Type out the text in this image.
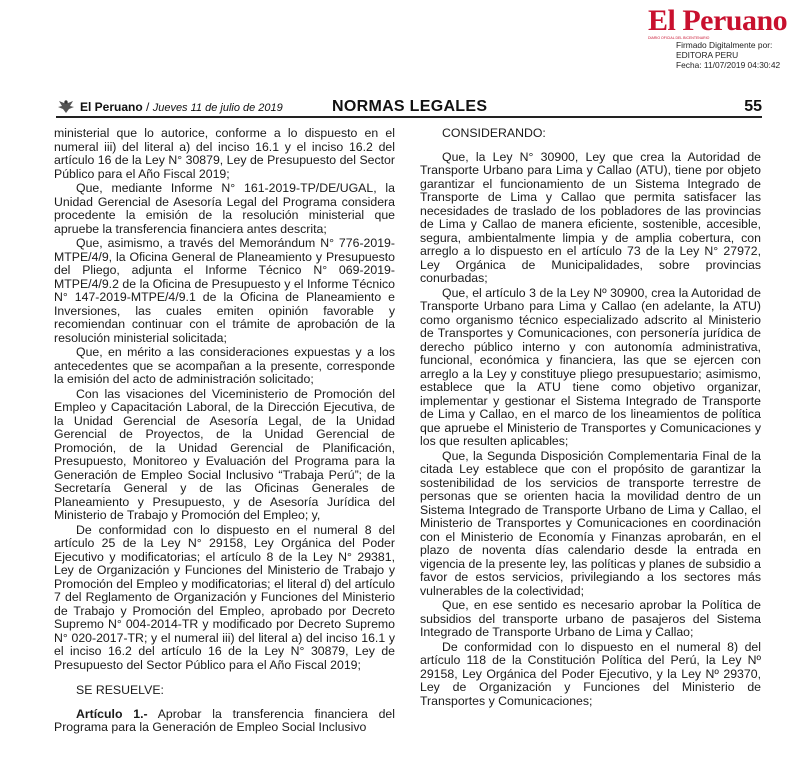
El Peruano
DIARIO OFICIAL DEL BICENTENARIO
Firmado Digitalmente por:
EDITORA PERU
Fecha: 11/07/2019 04:30:42
El Peruano / Jueves 11 de julio de 2019	NORMAS LEGALES	55

ministerial que lo autorice, conforme a lo dispuesto en el numeral iii) del literal a) del inciso 16.1 y el inciso 16.2 del artículo 16 de la Ley N° 30879, Ley de Presupuesto del Sector Público para el Año Fiscal 2019;

Que, mediante Informe N° 161-2019-TP/DE/UGAL, la Unidad Gerencial de Asesoría Legal del Programa considera procedente la emisión de la resolución ministerial que apruebe la transferencia financiera antes descrita;

Que, asimismo, a través del Memorándum N° 776-2019-MTPE/4/9, la Oficina General de Planeamiento y Presupuesto del Pliego, adjunta el Informe Técnico N° 069-2019-MTPE/4/9.2 de la Oficina de Presupuesto y el Informe Técnico N° 147-2019-MTPE/4/9.1 de la Oficina de Planeamiento e Inversiones, las cuales emiten opinión favorable y recomiendan continuar con el trámite de aprobación de la resolución ministerial solicitada;

Que, en mérito a las consideraciones expuestas y a los antecedentes que se acompañan a la presente, corresponde la emisión del acto de administración solicitado;

Con las visaciones del Viceministerio de Promoción del Empleo y Capacitación Laboral, de la Dirección Ejecutiva, de la Unidad Gerencial de Asesoría Legal, de la Unidad Gerencial de Proyectos, de la Unidad Gerencial de Promoción, de la Unidad Gerencial de Planificación, Presupuesto, Monitoreo y Evaluación del Programa para la Generación de Empleo Social Inclusivo “Trabaja Perú”; de la Secretaría General y de las Oficinas Generales de Planeamiento y Presupuesto, y de Asesoría Jurídica del Ministerio de Trabajo y Promoción del Empleo; y,

De conformidad con lo dispuesto en el numeral 8 del artículo 25 de la Ley N° 29158, Ley Orgánica del Poder Ejecutivo y modificatorias; el artículo 8 de la Ley N° 29381, Ley de Organización y Funciones del Ministerio de Trabajo y Promoción del Empleo y modificatorias; el literal d) del artículo 7 del Reglamento de Organización y Funciones del Ministerio de Trabajo y Promoción del Empleo, aprobado por Decreto Supremo N° 004-2014-TR y modificado por Decreto Supremo N° 020-2017-TR; y el numeral iii) del literal a) del inciso 16.1 y el inciso 16.2 del artículo 16 de la Ley N° 30879, Ley de Presupuesto del Sector Público para el Año Fiscal 2019;

SE RESUELVE:

Artículo 1.- Aprobar la transferencia financiera del Programa para la Generación de Empleo Social Inclusivo

CONSIDERANDO:

Que, la Ley N° 30900, Ley que crea la Autoridad de Transporte Urbano para Lima y Callao (ATU), tiene por objeto garantizar el funcionamiento de un Sistema Integrado de Transporte de Lima y Callao que permita satisfacer las necesidades de traslado de los pobladores de las provincias de Lima y Callao de manera eficiente, sostenible, accesible, segura, ambientalmente limpia y de amplia cobertura, con arreglo a lo dispuesto en el artículo 73 de la Ley N° 27972, Ley Orgánica de Municipalidades, sobre provincias conurbadas;

Que, el artículo 3 de la Ley Nº 30900, crea la Autoridad de Transporte Urbano para Lima y Callao (en adelante, la ATU) como organismo técnico especializado adscrito al Ministerio de Transportes y Comunicaciones, con personería jurídica de derecho público interno y con autonomía administrativa, funcional, económica y financiera, las que se ejercen con arreglo a la Ley y constituye pliego presupuestario; asimismo, establece que la ATU tiene como objetivo organizar, implementar y gestionar el Sistema Integrado de Transporte de Lima y Callao, en el marco de los lineamientos de política que apruebe el Ministerio de Transportes y Comunicaciones y los que resulten aplicables;

Que, la Segunda Disposición Complementaria Final de la citada Ley establece que con el propósito de garantizar la sostenibilidad de los servicios de transporte terrestre de personas que se orienten hacia la movilidad dentro de un Sistema Integrado de Transporte Urbano de Lima y Callao, el Ministerio de Transportes y Comunicaciones en coordinación con el Ministerio de Economía y Finanzas aprobarán, en el plazo de noventa días calendario desde la entrada en vigencia de la presente ley, las políticas y planes de subsidio a favor de estos servicios, privilegiando a los sectores más vulnerables de la colectividad;

Que, en ese sentido es necesario aprobar la Política de subsidios del transporte urbano de pasajeros del Sistema Integrado de Transporte Urbano de Lima y Callao;

De conformidad con lo dispuesto en el numeral 8) del artículo 118 de la Constitución Política del Perú, la Ley Nº 29158, Ley Orgánica del Poder Ejecutivo, y la Ley Nº 29370, Ley de Organización y Funciones del Ministerio de Transportes y Comunicaciones;
